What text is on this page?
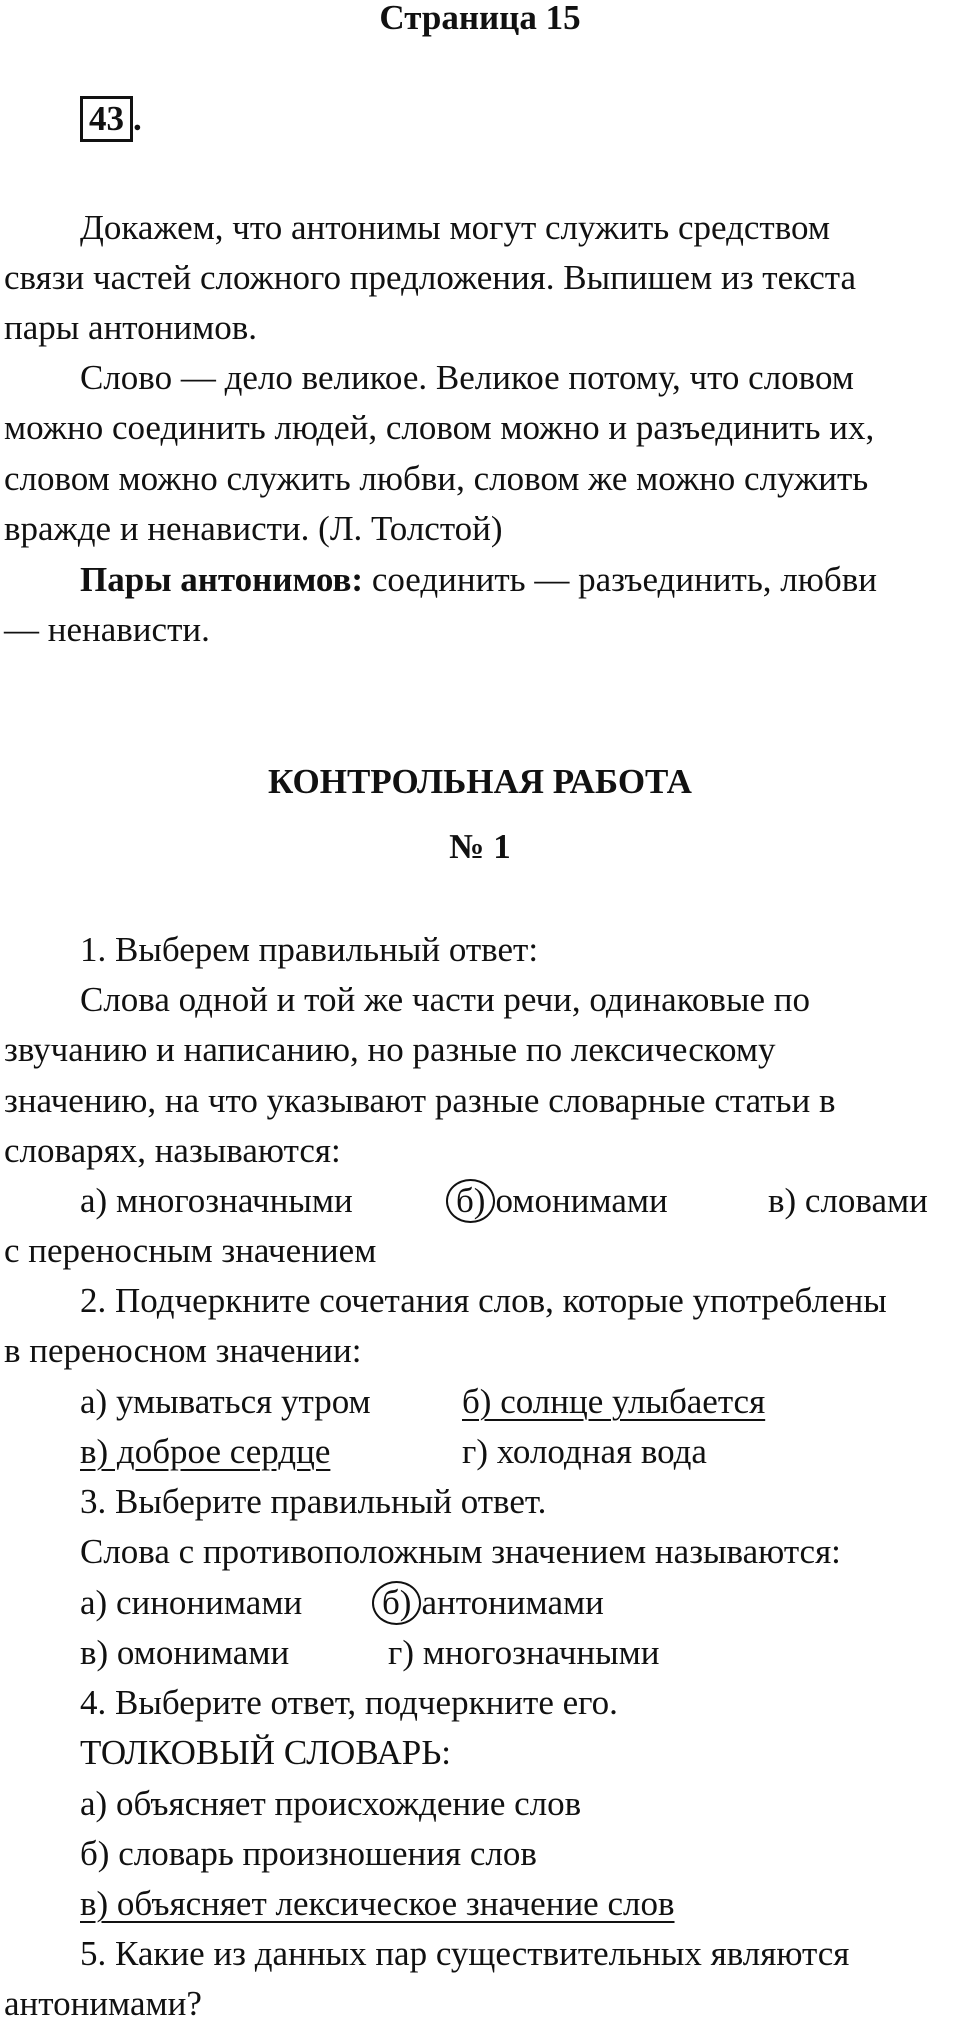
Страница 15
43 .
Докажем, что антонимы могут служить средством
связи частей сложного предложения. Выпишем из текста
пары антонимов.
Слово — дело великое. Великое потому, что словом
можно соединить людей, словом можно и разъединить их,
словом можно служить любви, словом же можно служить
вражде и ненависти. (Л. Толстой)
Пары антонимов: соединить — разъединить, любви
— ненависти.
КОНТРОЛЬНАЯ РАБОТА
№ 1
1. Выберем правильный ответ:
Слова одной и той же части речи, одинаковые по
звучанию и написанию, но разные по лексическому
значению, на что указывают разные словарные статьи в
словарях, называются:
а) многозначными	б) омонимами	в) словами
с переносным значением
2. Подчеркните сочетания слов, которые употреблены
в переносном значении:
а) умываться утром	б) солнце улыбается
в) доброе сердце	г) холодная вода
3. Выберите правильный ответ.
Слова с противоположным значением называются:
а) синонимами б) антонимами
в) омонимами	г) многозначными
4. Выберите ответ, подчеркните его.
ТОЛКОВЫЙ СЛОВАРЬ:
а) объясняет происхождение слов
б) словарь произношения слов
в) объясняет лексическое значение слов
5. Какие из данных пар существительных являются
антонимами?
